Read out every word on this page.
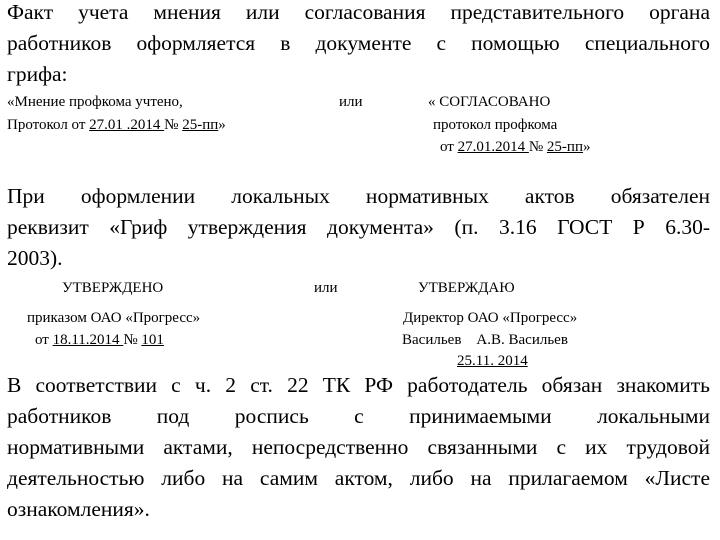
Факт учета мнения или согласования представительного органа
работников оформляется в документе с помощью специального
грифа:
«Мнение профкома учтено,
Протокол от 27.01 .2014 № 25-пп»
или	« СОГЛАСОВАНО
протокол профкома
от 27.01.2014 № 25-пп»
При оформлении локальных нормативных актов обязателен
реквизит «Гриф утверждения документа» (п. 3.16 ГОСТ Р 6.30-
2003).
УТВЕРЖДЕНО
приказом ОАО «Прогресс»
от 18.11.2014 № 101
или	УТВЕРЖДАЮ
Директор ОАО «Прогресс»
Васильев    А.В. Васильев
25.11. 2014
В соответствии с ч. 2 ст. 22 ТК РФ работодатель обязан знакомить
работников под роспись с принимаемыми локальными
нормативными актами, непосредственно связанными с их трудовой
деятельностью либо на самим актом, либо на прилагаемом «Листе
ознакомления».
